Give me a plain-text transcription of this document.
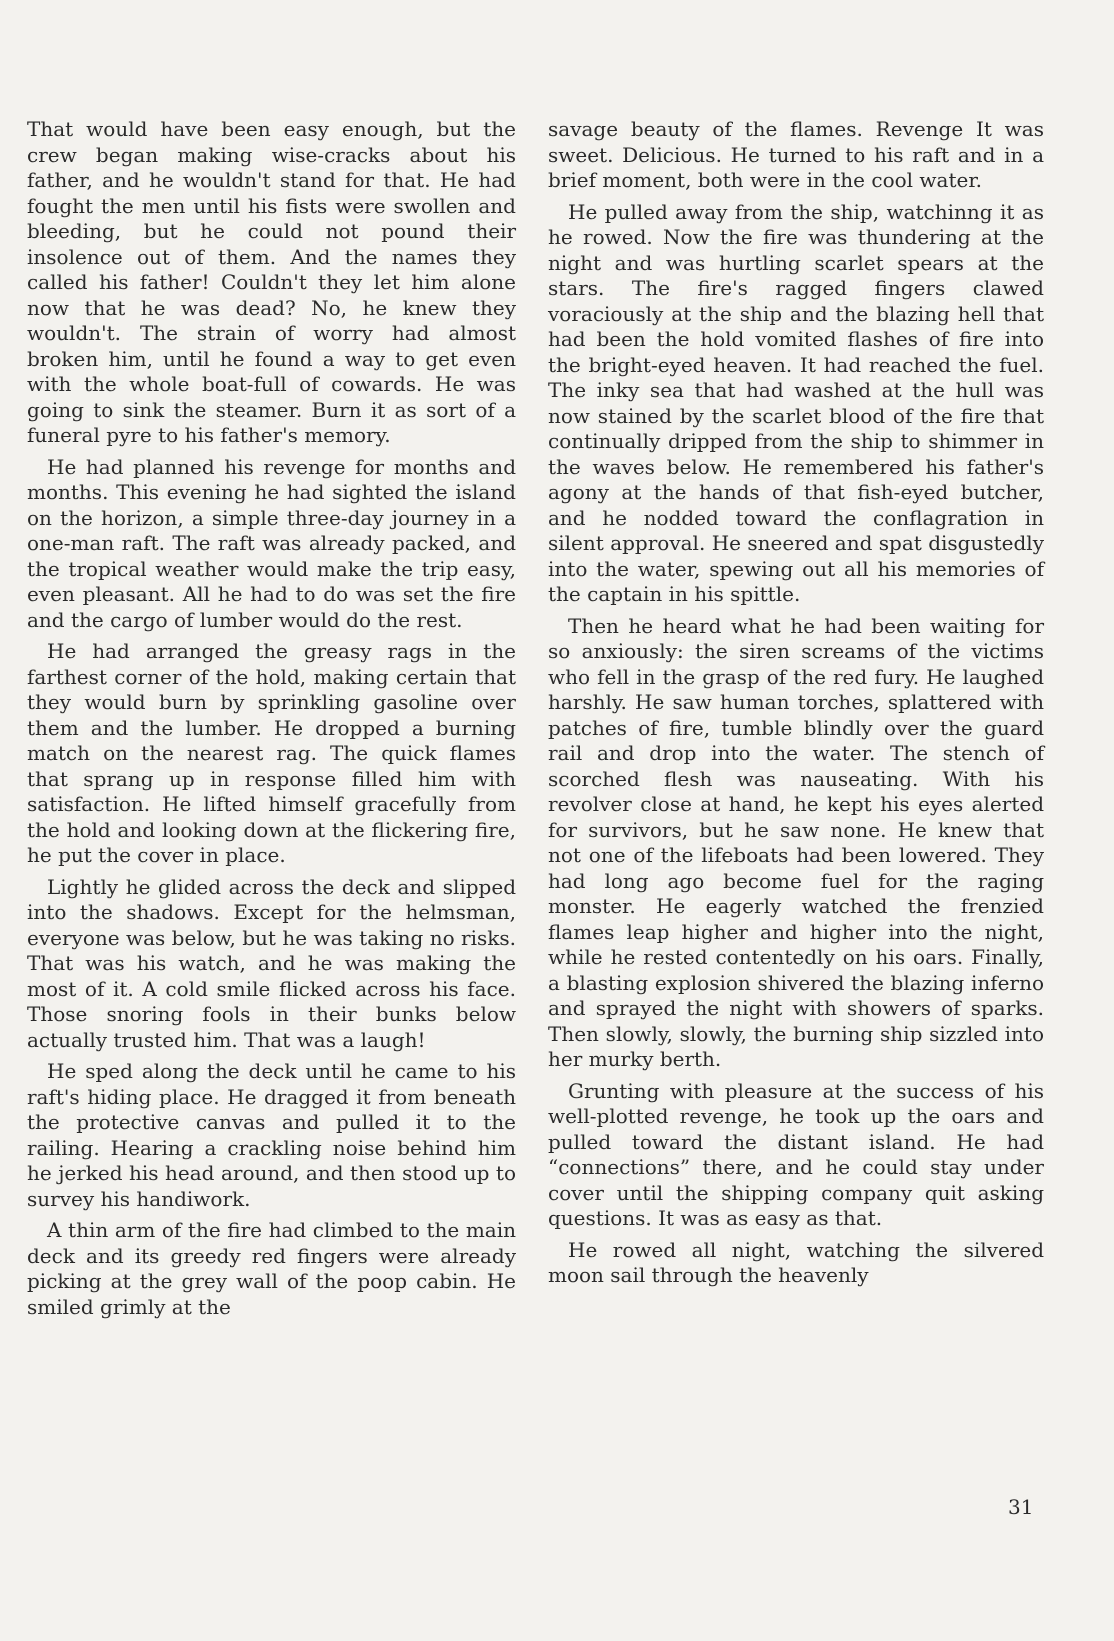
That would have been easy enough, but the crew began making wise-cracks about his father, and he wouldn't stand for that. He had fought the men until his fists were swollen and bleeding, but he could not pound their insolence out of them. And the names they called his father! Couldn't they let him alone now that he was dead? No, he knew they wouldn't. The strain of worry had almost broken him, until he found a way to get even with the whole boat-full of cowards. He was going to sink the steamer. Burn it as sort of a funeral pyre to his father's memory.

He had planned his revenge for months and months. This evening he had sighted the island on the horizon, a simple three-day journey in a one-man raft. The raft was already packed, and the tropical weather would make the trip easy, even pleasant. All he had to do was set the fire and the cargo of lumber would do the rest.

He had arranged the greasy rags in the farthest corner of the hold, making certain that they would burn by sprinkling gasoline over them and the lumber. He dropped a burning match on the nearest rag. The quick flames that sprang up in response filled him with satisfaction. He lifted himself gracefully from the hold and looking down at the flickering fire, he put the cover in place.

Lightly he glided across the deck and slipped into the shadows. Except for the helmsman, everyone was below, but he was taking no risks. That was his watch, and he was making the most of it. A cold smile flicked across his face. Those snoring fools in their bunks below actually trusted him. That was a laugh!

He sped along the deck until he came to his raft's hiding place. He dragged it from beneath the protective canvas and pulled it to the railing. Hearing a crackling noise behind him he jerked his head around, and then stood up to survey his handiwork.

A thin arm of the fire had climbed to the main deck and its greedy red fingers were already picking at the grey wall of the poop cabin. He smiled grimly at the

savage beauty of the flames. Revenge It was sweet. Delicious. He turned to his raft and in a brief moment, both were in the cool water.

He pulled away from the ship, watchinng it as he rowed. Now the fire was thundering at the night and was hurtling scarlet spears at the stars. The fire's ragged fingers clawed voraciously at the ship and the blazing hell that had been the hold vomited flashes of fire into the bright-eyed heaven. It had reached the fuel. The inky sea that had washed at the hull was now stained by the scarlet blood of the fire that continually dripped from the ship to shimmer in the waves below. He remembered his father's agony at the hands of that fish-eyed butcher, and he nodded toward the conflagration in silent approval. He sneered and spat disgustedly into the water, spewing out all his memories of the captain in his spittle.

Then he heard what he had been waiting for so anxiously: the siren screams of the victims who fell in the grasp of the red fury. He laughed harshly. He saw human torches, splattered with patches of fire, tumble blindly over the guard rail and drop into the water. The stench of scorched flesh was nauseating. With his revolver close at hand, he kept his eyes alerted for survivors, but he saw none. He knew that not one of the lifeboats had been lowered. They had long ago become fuel for the raging monster. He eagerly watched the frenzied flames leap higher and higher into the night, while he rested contentedly on his oars. Finally, a blasting explosion shivered the blazing inferno and sprayed the night with showers of sparks. Then slowly, slowly, the burning ship sizzled into her murky berth.

Grunting with pleasure at the success of his well-plotted revenge, he took up the oars and pulled toward the distant island. He had “connections” there, and he could stay under cover until the shipping company quit asking questions. It was as easy as that.

He rowed all night, watching the silvered moon sail through the heavenly

31
